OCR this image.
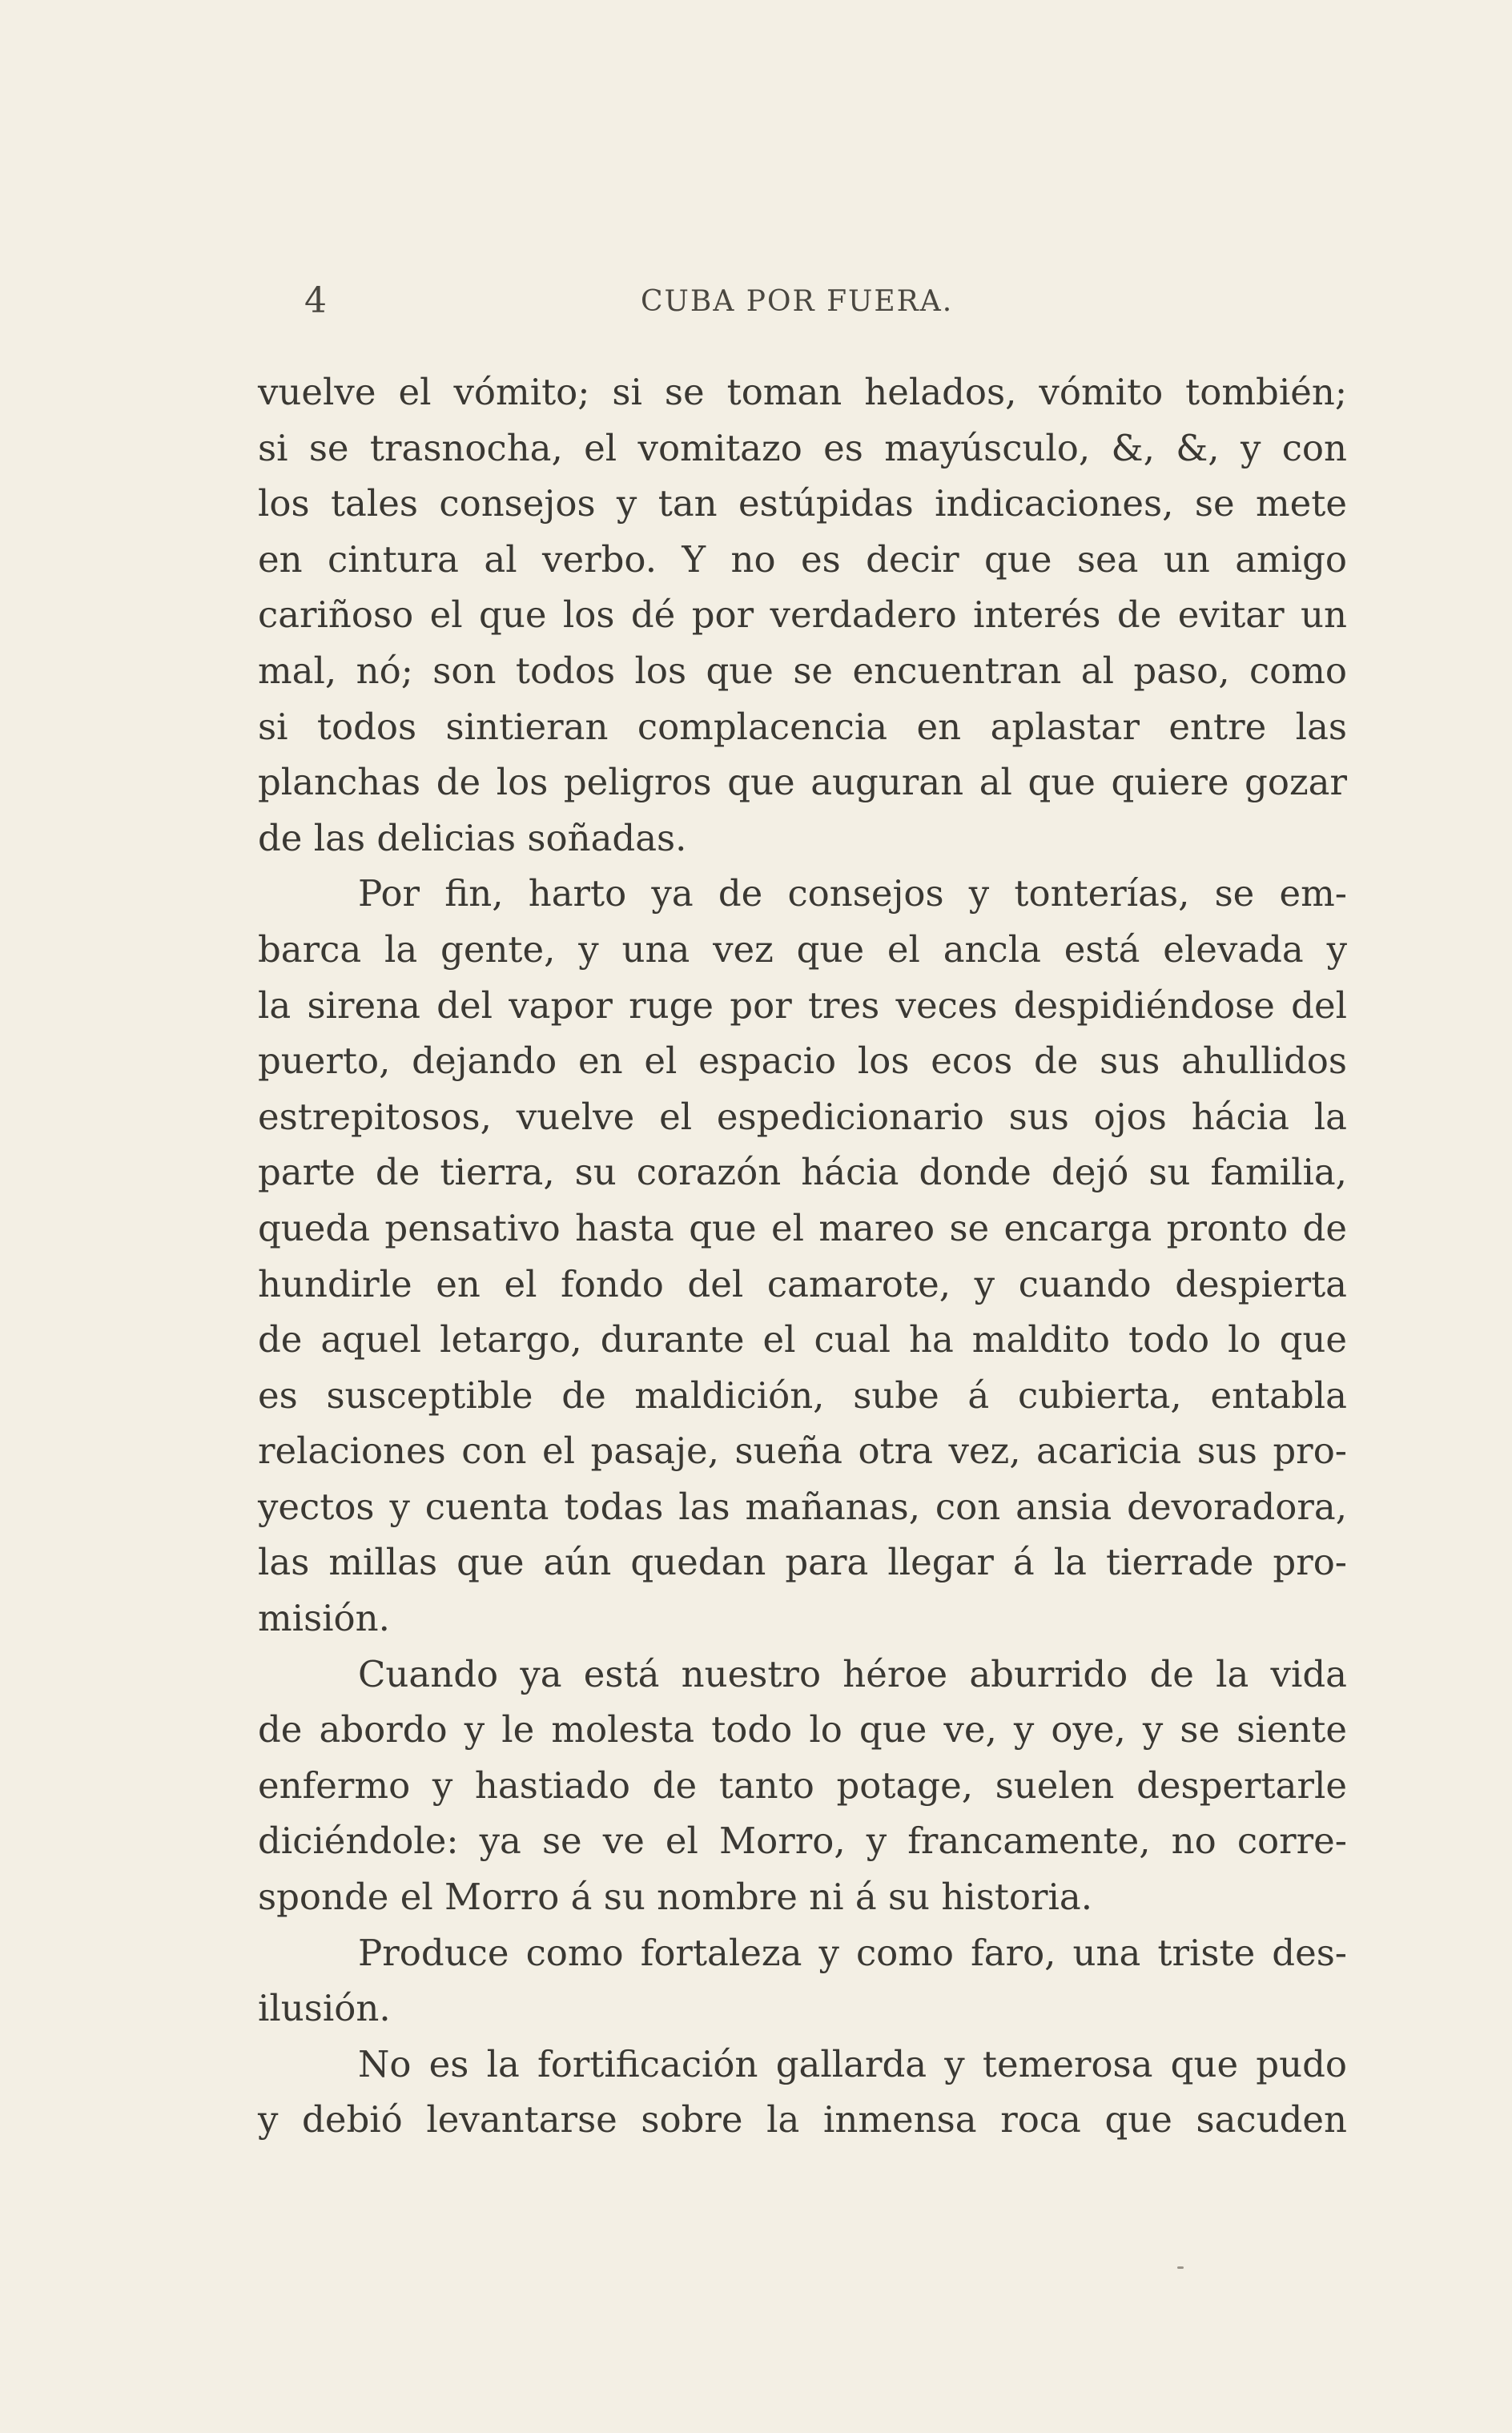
4	CUBA POR FUERA.
vuelve el vómito; si se toman helados, vómito tombién;
si se trasnocha, el vomitazo es mayúsculo, &, &, y con
los tales consejos y tan estúpidas indicaciones, se mete
en cintura al verbo. Y no es decir que sea un amigo
cariñoso el que los dé por verdadero interés de evitar un
mal, nó; son todos los que se encuentran al paso, como
si todos sintieran complacencia en aplastar entre las
planchas de los peligros que auguran al que quiere gozar
de las delicias soñadas.
Por fin, harto ya de consejos y tonterías, se em-
barca la gente, y una vez que el ancla está elevada y
la sirena del vapor ruge por tres veces despidiéndose del
puerto, dejando en el espacio los ecos de sus ahullidos
estrepitosos, vuelve el espedicionario sus ojos hácia la
parte de tierra, su corazón hácia donde dejó su familia,
queda pensativo hasta que el mareo se encarga pronto de
hundirle en el fondo del camarote, y cuando despierta
de aquel letargo, durante el cual ha maldito todo lo que
es susceptible de maldición, sube á cubierta, entabla
relaciones con el pasaje, sueña otra vez, acaricia sus pro-
yectos y cuenta todas las mañanas, con ansia devoradora,
las millas que aún quedan para llegar á la tierrade pro-
misión.
Cuando ya está nuestro héroe aburrido de la vida
de abordo y le molesta todo lo que ve, y oye, y se siente
enfermo y hastiado de tanto potage, suelen despertarle
diciéndole: ya se ve el Morro, y francamente, no corre-
sponde el Morro á su nombre ni á su historia.
Produce como fortaleza y como faro, una triste des-
ilusión.
No es la fortificación gallarda y temerosa que pudo
y debió levantarse sobre la inmensa roca que sacuden
